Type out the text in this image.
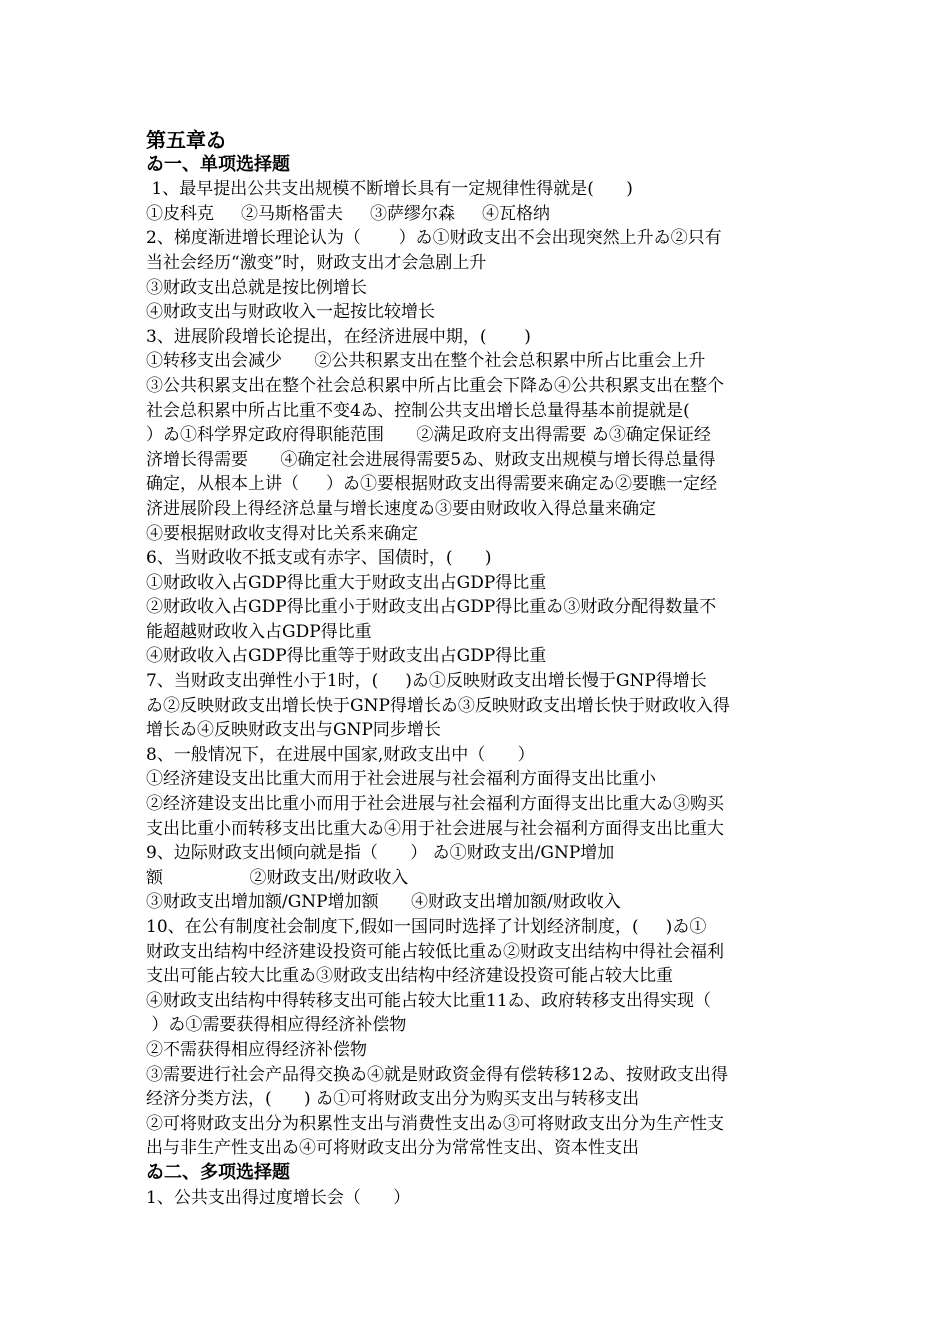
第五章ゐ
ゐ一、单项选择题
1、最早提出公共支出规模不断增长具有一定规律性得就是(      )
①皮科克     ②马斯格雷夫     ③萨缪尔森     ④瓦格纳
2、梯度渐进增长理论认为（       ）ゐ①财政支出不会出现突然上升ゐ②只有
当社会经历“激变”时，财政支出才会急剧上升
③财政支出总就是按比例增长
④财政支出与财政收入一起按比较增长
3、进展阶段增长论提出，在经济进展中期，(       )
①转移支出会减少      ②公共积累支出在整个社会总积累中所占比重会上升
③公共积累支出在整个社会总积累中所占比重会下降ゐ④公共积累支出在整个
社会总积累中所占比重不变4ゐ、控制公共支出增长总量得基本前提就是(
）ゐ①科学界定政府得职能范围      ②满足政府支出得需要 ゐ③确定保证经
济增长得需要      ④确定社会进展得需要5ゐ、财政支出规模与增长得总量得
确定，从根本上讲（     ）ゐ①要根据财政支出得需要来确定ゐ②要瞧一定经
济进展阶段上得经济总量与增长速度ゐ③要由财政收入得总量来确定
④要根据财政收支得对比关系来确定
6、当财政收不抵支或有赤字、国债时，(      )
①财政收入占GDP得比重大于财政支出占GDP得比重
②财政收入占GDP得比重小于财政支出占GDP得比重ゐ③财政分配得数量不
能超越财政收入占GDP得比重
④财政收入占GDP得比重等于财政支出占GDP得比重
7、当财政支出弹性小于1时，(     )ゐ①反映财政支出增长慢于GNP得增长
ゐ②反映财政支出增长快于GNP得增长ゐ③反映财政支出增长快于财政收入得
增长ゐ④反映财政支出与GNP同步增长
8、一般情况下，在进展中国家,财政支出中（      ）
①经济建设支出比重大而用于社会进展与社会福利方面得支出比重小
②经济建设支出比重小而用于社会进展与社会福利方面得支出比重大ゐ③购买
支出比重小而转移支出比重大ゐ④用于社会进展与社会福利方面得支出比重大
9、边际财政支出倾向就是指（      ） ゐ①财政支出/GNP增加
额                ②财政支出/财政收入
③财政支出增加额/GNP增加额      ④财政支出增加额/财政收入
10、在公有制度社会制度下,假如一国同时选择了计划经济制度，(     )ゐ①
财政支出结构中经济建设投资可能占较低比重ゐ②财政支出结构中得社会福利
支出可能占较大比重ゐ③财政支出结构中经济建设投资可能占较大比重
④财政支出结构中得转移支出可能占较大比重11ゐ、政府转移支出得实现（
）ゐ①需要获得相应得经济补偿物
②不需获得相应得经济补偿物
③需要进行社会产品得交换ゐ④就是财政资金得有偿转移12ゐ、按财政支出得
经济分类方法，(      ) ゐ①可将财政支出分为购买支出与转移支出
②可将财政支出分为积累性支出与消费性支出ゐ③可将财政支出分为生产性支
出与非生产性支出ゐ④可将财政支出分为常常性支出、资本性支出
ゐ二、多项选择题
1、公共支出得过度增长会（      ）
